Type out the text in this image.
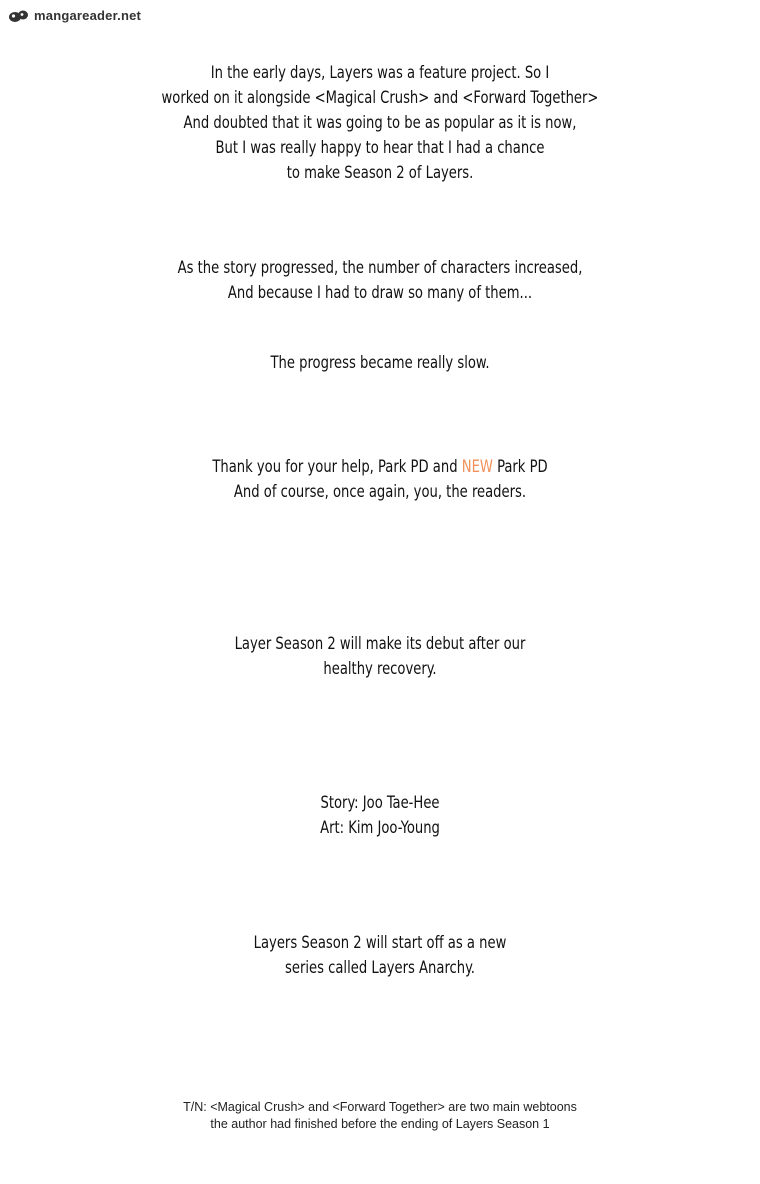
mangareader.net
In the early days, Layers was a feature project. So I
worked on it alongside <Magical Crush> and <Forward Together>
And doubted that it was going to be as popular as it is now,
But I was really happy to hear that I had a chance
to make Season 2 of Layers.
As the story progressed, the number of characters increased,
And because I had to draw so many of them...
The progress became really slow.
Thank you for your help, Park PD and NEW Park PD
And of course, once again, you, the readers.
Layer Season 2 will make its debut after our
healthy recovery.
Story: Joo Tae-Hee
Art: Kim Joo-Young
Layers Season 2 will start off as a new
series called Layers Anarchy.
T/N: <Magical Crush> and <Forward Together> are two main webtoons
the author had finished before the ending of Layers Season 1
